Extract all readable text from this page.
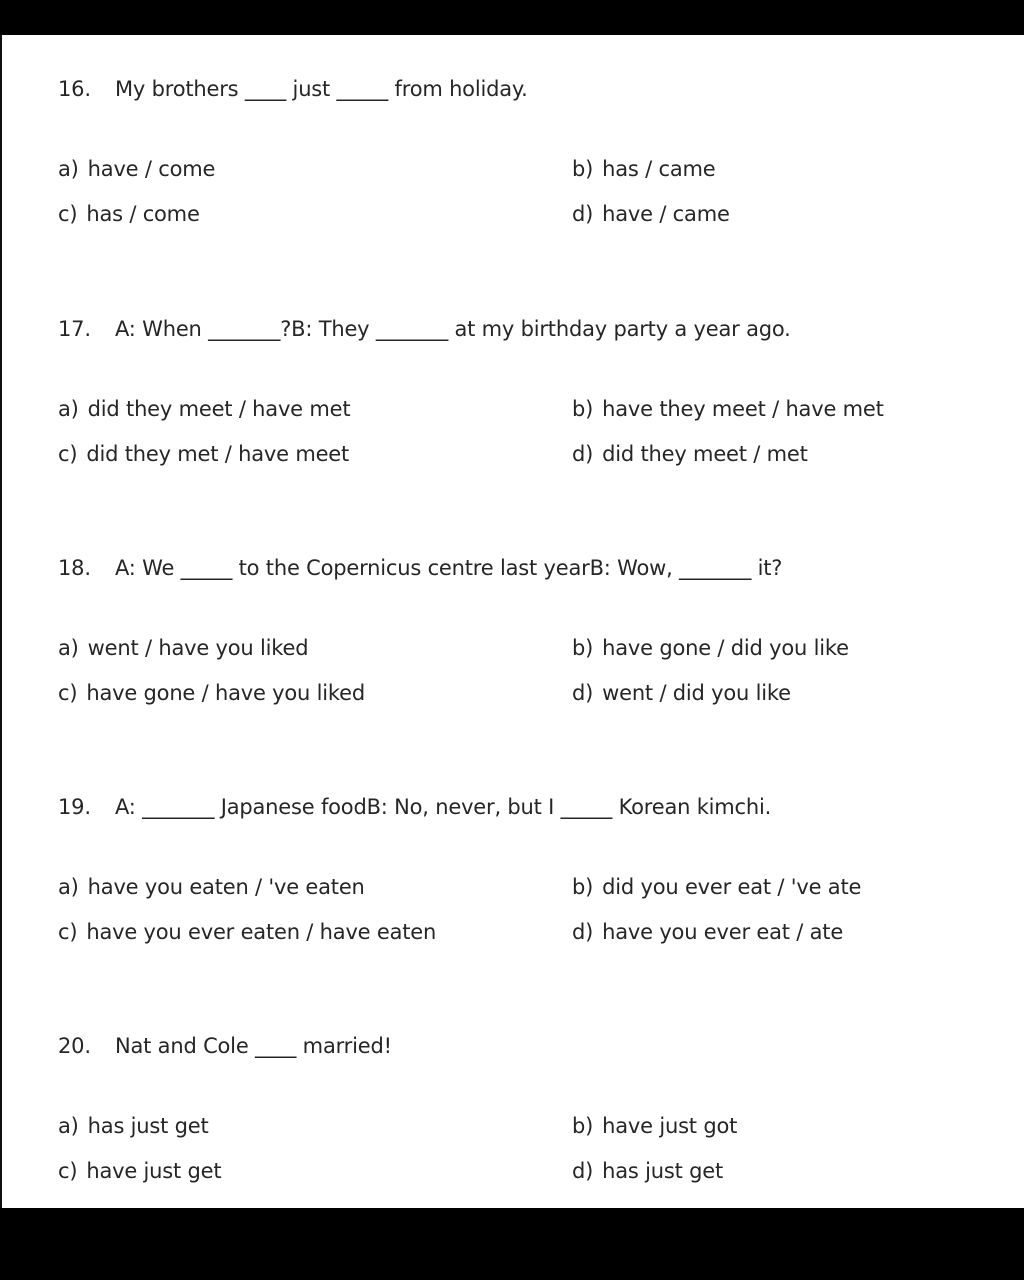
16. My brothers ____ just _____ from holiday.
a) have / come	b) has / came
c) has / come	d) have / came
17. A: When _______?B: They _______ at my birthday party a year ago.
a) did they meet / have met	b) have they meet / have met
c) did they met / have meet	d) did they meet / met
18. A: We _____ to the Copernicus centre last yearB: Wow, _______ it?
a) went / have you liked	b) have gone / did you like
c) have gone / have you liked	d) went / did you like
19. A: _______ Japanese foodB: No, never, but I _____ Korean kimchi.
a) have you eaten / 've eaten	b) did you ever eat / 've ate
c) have you ever eaten / have eaten	d) have you ever eat / ate
20. Nat and Cole ____ married!
a) has just get	b) have just got
c) have just get	d) has just get
